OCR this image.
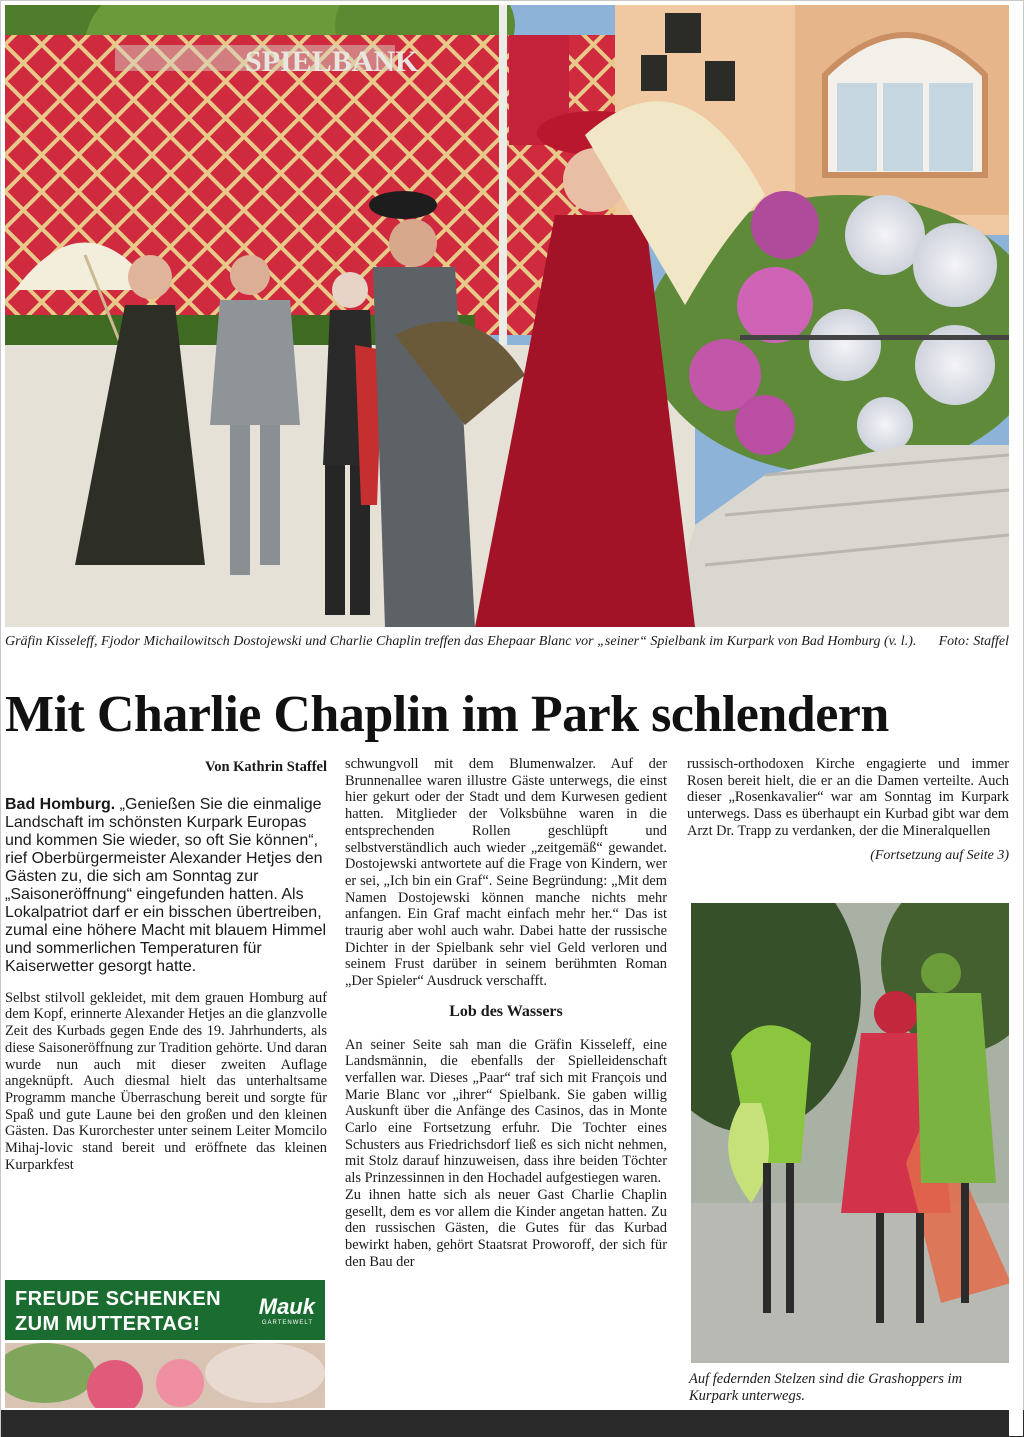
SPIELBANK
Gräfin Kisseleff, Fjodor Michailowitsch Dostojewski und Charlie Chaplin treffen das Ehepaar Blanc vor „seiner“ Spielbank im Kurpark von Bad Homburg (v. l.).	Foto: Staffel
Mit Charlie Chaplin im Park schlendern
Von Kathrin Staffel

Bad Homburg. „Genießen Sie die einmalige Landschaft im schönsten Kurpark Europas und kommen Sie wieder, so oft Sie können“, rief Oberbürgermeister Alexander Hetjes den Gästen zu, die sich am Sonntag zur „Saisoneröffnung“ eingefunden hatten. Als Lokalpatriot darf er ein bisschen übertreiben, zumal eine höhere Macht mit blauem Himmel und sommerlichen Temperaturen für Kaiserwetter gesorgt hatte.

Selbst stilvoll gekleidet, mit dem grauen Homburg auf dem Kopf, erinnerte Alexander Hetjes an die glanzvolle Zeit des Kurbads gegen Ende des 19. Jahrhunderts, als diese Saisoneröffnung zur Tradition gehörte. Und daran wurde nun auch mit dieser zweiten Auflage angeknüpft. Auch diesmal hielt das unterhaltsame Programm manche Überraschung bereit und sorgte für Spaß und gute Laune bei den großen und den kleinen Gästen. Das Kurorchester unter seinem Leiter Momcilo Mihaj-lovic stand bereit und eröffnete das kleinen Kurparkfest

FREUDE SCHENKEN
ZUM MUTTERTAG!
Mauk
GARTENWELT

schwungvoll mit dem Blumenwalzer. Auf der Brunnenallee waren illustre Gäste unterwegs, die einst hier gekurt oder der Stadt und dem Kurwesen gedient hatten. Mitglieder der Volksbühne waren in die entsprechenden Rollen geschlüpft und selbstverständlich auch wieder „zeitgemäß“ gewandet. Dostojewski antwortete auf die Frage von Kindern, wer er sei, „Ich bin ein Graf“. Seine Begründung: „Mit dem Namen Dostojewski können manche nichts mehr anfangen. Ein Graf macht einfach mehr her.“ Das ist traurig aber wohl auch wahr. Dabei hatte der russische Dichter in der Spielbank sehr viel Geld verloren und seinem Frust darüber in seinem berühmten Roman „Der Spieler“ Ausdruck verschafft.

Lob des Wassers

An seiner Seite sah man die Gräfin Kisseleff, eine Landsmännin, die ebenfalls der Spielleidenschaft verfallen war. Dieses „Paar“ traf sich mit François und Marie Blanc vor „ihrer“ Spielbank. Sie gaben willig Auskunft über die Anfänge des Casinos, das in Monte Carlo eine Fortsetzung erfuhr. Die Tochter eines Schusters aus Friedrichsdorf ließ es sich nicht nehmen, mit Stolz darauf hinzuweisen, dass ihre beiden Töchter als Prinzessinnen in den Hochadel aufgestiegen waren.

Zu ihnen hatte sich als neuer Gast Charlie Chaplin gesellt, dem es vor allem die Kinder angetan hatten. Zu den russischen Gästen, die Gutes für das Kurbad bewirkt haben, gehört Staatsrat Proworoff, der sich für den Bau der

russisch-orthodoxen Kirche engagierte und immer Rosen bereit hielt, die er an die Damen verteilte. Auch dieser „Rosenkavalier“ war am Sonntag im Kurpark unterwegs. Dass es überhaupt ein Kurbad gibt war dem Arzt Dr. Trapp zu verdanken, der die Mineralquellen

(Fortsetzung auf Seite 3)
Auf federnden Stelzen sind die Grashoppers im Kurpark unterwegs.
